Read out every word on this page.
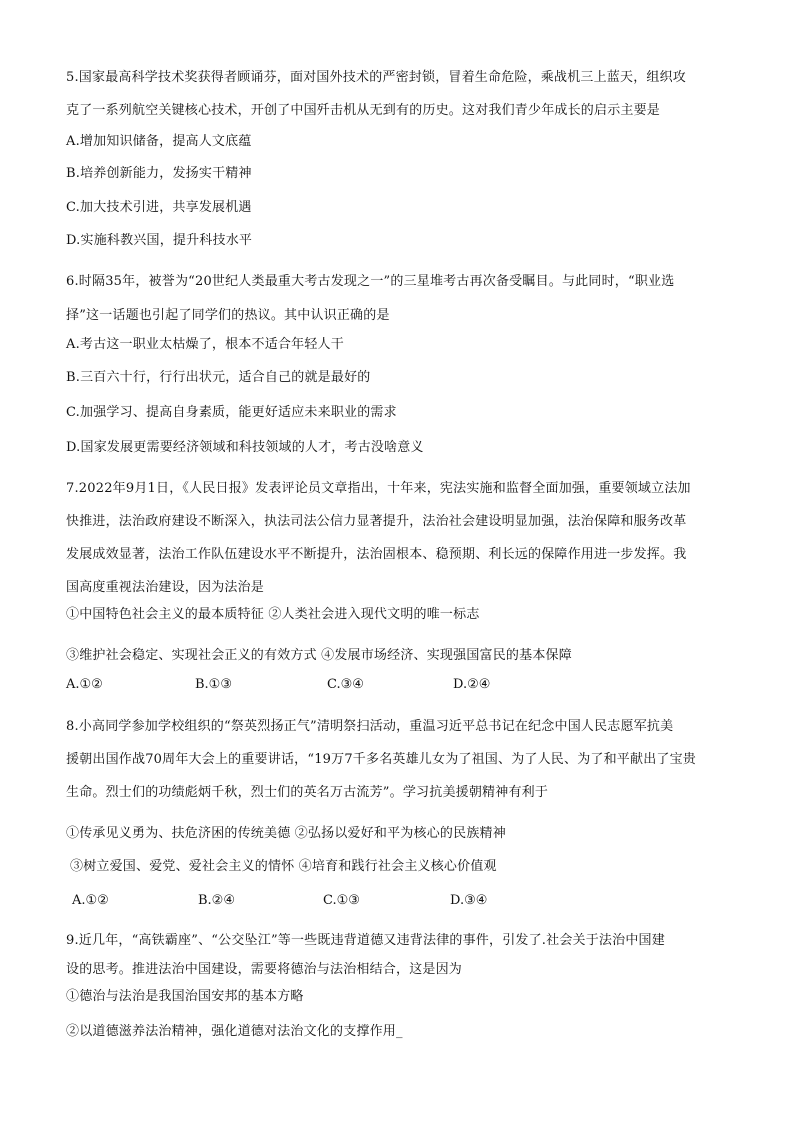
5.国家最高科学技术奖获得者顾诵芬，面对国外技术的严密封锁，冒着生命危险，乘战机三上蓝天，组织攻
克了一系列航空关键核心技术，开创了中国歼击机从无到有的历史。这对我们青少年成长的启示主要是
A.增加知识储备，提高人文底蕴
B.培养创新能力，发扬实干精神
C.加大技术引进，共享发展机遇
D.实施科教兴国，提升科技水平
6.时隔35年，被誉为“20世纪人类最重大考古发现之一”的三星堆考古再次备受瞩目。与此同时，“职业选
择”这一话题也引起了同学们的热议。其中认识正确的是
A.考古这一职业太枯燥了，根本不适合年轻人干
B.三百六十行，行行出状元，适合自己的就是最好的
C.加强学习、提高自身素质，能更好适应未来职业的需求
D.国家发展更需要经济领域和科技领域的人才，考古没啥意义
7.2022年9月1日，《人民日报》发表评论员文章指出，十年来，宪法实施和监督全面加强，重要领域立法加
快推进，法治政府建设不断深入，执法司法公信力显著提升，法治社会建设明显加强，法治保障和服务改革
发展成效显著，法治工作队伍建设水平不断提升，法治固根本、稳预期、利长远的保障作用进一步发挥。我
国高度重视法治建设，因为法治是
①中国特色社会主义的最本质特征 ②人类社会进入现代文明的唯一标志
③维护社会稳定、实现社会正义的有效方式 ④发展市场经济、实现强国富民的基本保障
A.①②	B.①③	C.③④	D.②④
8.小高同学参加学校组织的“祭英烈扬正气”清明祭扫活动，重温习近平总书记在纪念中国人民志愿军抗美
援朝出国作战70周年大会上的重要讲话，“19万7千多名英雄儿女为了祖国、为了人民、为了和平献出了宝贵
生命。烈士们的功绩彪炳千秋，烈士们的英名万古流芳”。学习抗美援朝精神有利于
①传承见义勇为、扶危济困的传统美德 ②弘扬以爱好和平为核心的民族精神
③树立爱国、爱党、爱社会主义的情怀 ④培育和践行社会主义核心价值观
A.①②	B.②④	C.①③	D.③④
9.近几年，“高铁霸座”、“公交坠江”等一些既违背道德又违背法律的事件，引发了.社会关于法治中国建
设的思考。推进法治中国建设，需要将德治与法治相结合，这是因为
①德治与法治是我国治国安邦的基本方略
②以道德滋养法治精神，强化道德对法治文化的支撑作用_
